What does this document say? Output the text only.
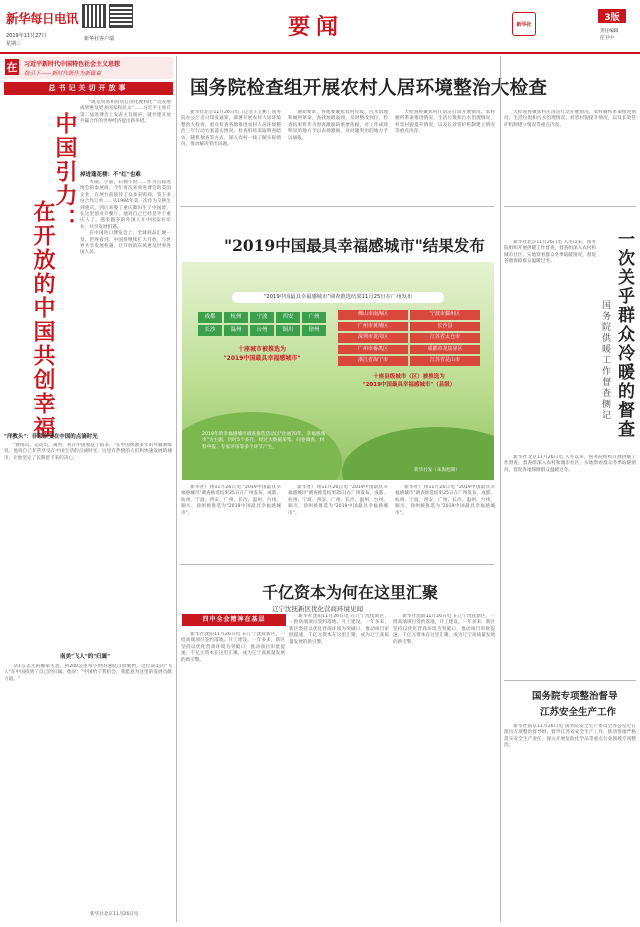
新华每日电讯
2019年11月27日
星期三
新华社客户端	要闻	新华社
3版
责任编辑
任卫中
在 习近平新时代中国特色社会主义思想
指引下——新时代新作为新篇章
总书记关切开放事
中国引力：
在开放的中国共创幸福

"既是贸易和投资自由化便利化""这发展成果惠及更多国家和民众"……习近平主席在第二届进博会上发表主旨演讲，就共建开放共赢合作的世界经济提出新举措。

掉进蓬花楼：不"红"也难

火锅、小面、石棉不时……作为首届进博会的参展商，今年再次来到进博会的美国企业，在展台前接待了众多采购商，签下多份合作订单……从1994年第一次作为交换生到重庆，到后来娶了重庆媳妇生了中国娃，在这里创业开餐厅，他说自己已经是半个重庆人了。越来越多的外国人在中国安居乐业，共享发展机遇。

在中国进口博览会上，全球商品汇聚一堂。世界看到，中国将继续扩大开放，与世界共享发展机遇，让开放的东风惠及世界各国人民。

"洋教头"：非常享受在中国的点滴时光

"教练员、运动员、裁判，我在中国收获了很多。"在中国执教多年的外籍教练说。他说自己非常享受在中国生活的点滴时光，这里有热情的人们和快速发展的城市，让他坚定了长期留下来的决心。

南美"飞人"的"归属"

从1万美元的搬家生意，到200公里每小时的速度自由驰骋，这位南美的"飞人"在中国找到了自己的归属。他说："中国给了我机会，我愿意为这里的发展贡献力量。"

新华社北京11月26日电
国务院检查组开展农村人居环境整治大检查

新华社北京11月26日电（记者王立彬）国务院办公厅近日印发通知，部署开展农村人居环境整治大检查，重点检查各地推进农村人居环境整治三年行动方案落实情况。检查组将采取明查暗访、随机抽查等方式，深入农村一线了解实际情况，推动解决突出问题。

通知要求，各地要聚焦农村垃圾、污水治理和厕所革命，查找短板弱项，及时整改到位。检查结果将作为督查激励的重要依据，对工作成效明显的地方予以表扬激励，对问题突出的地方予以通报。

大检查将聚焦村庄清洁行动开展情况、农村厕所革命推进情况、生活垃圾和污水治理情况、村容村貌提升情况，以及长效管护机制建立情况等重点内容。

大检查将聚焦村庄清洁行动开展情况、农村厕所革命推进情况、生活垃圾和污水治理情况、村容村貌提升情况，以及长效管护机制建立情况等重点内容。

新华社北京11月26日电 入冬以来，国务院组织开展供暖工作督查，督查组深入农村和城市社区，实地察看群众冬季取暖情况，督促各地保障群众温暖过冬。	一次关乎群众冷暖的督查
国务院供暖工作督查侧记

新华社北京11月26日电 入冬以来，国务院组织开展供暖工作督查，督查组深入农村和城市社区，实地察看群众冬季取暖情况，督促各地保障群众温暖过冬。

国务院专项整治督导
江苏安全生产工作

新华社南京11月26日电 国务院安全生产委员会办公室近日派出专项整治督导组，督导江苏省安全生产工作，推动各地严格落实安全生产责任，深入开展危险化学品等重点行业领域专项整治。

"2019中国最具幸福感城市"结果发布
"2019中国最具幸福感城市"调查推选结果11月25日在广州发布
成都	杭州	宁波	西安	广州
长沙	温州	台州	铜川	徐州
十座城市被推选为
"2019中国最具幸福感城市"
佛山市南海区	宁波市鄞州区
广州市黄埔区	长沙县
深圳市龙岗区	江苏省太仓市
广州市番禺区	成都市龙泉驿区
浙江省海宁市	江苏省昆山市
十座县级城市（区）被推选为
"2019中国最具幸福感城市"（县级）
2019年的幸福感城市调查推选活动以"壮丽70年，幸福感城市"为主题，历时5个多月，经过大数据采集、问卷调查、材料申报、专家评审等多个环节产生。
新华社发（朱海旭制）

新华社广州11月26日电 "2019中国最具幸福感城市"调查推选结果25日在广州发布，成都、杭州、宁波、西安、广州、长沙、温州、台州、铜川、徐州被推选为"2019中国最具幸福感城市"。

新华社广州11月26日电 "2019中国最具幸福感城市"调查推选结果25日在广州发布，成都、杭州、宁波、西安、广州、长沙、温州、台州、铜川、徐州被推选为"2019中国最具幸福感城市"。

新华社广州11月26日电 "2019中国最具幸福感城市"调查推选结果25日在广州发布，成都、杭州、宁波、西安、广州、长沙、温州、台州、铜川、徐州被推选为"2019中国最具幸福感城市"。

千亿资本为何在这里汇聚
辽宁沈抚新区优化营商环境见闻
四中全会精神在基层

新华社沈阳11月26日电 在辽宁沈抚新区，一批高端项目签约落地、开工建设。一年多来，新区坚持以优化营商环境为突破口，推动项目审批提速，千亿元资本在这里汇聚，成为辽宁高质量发展的新引擎。

新华社沈阳11月26日电 在辽宁沈抚新区，一批高端项目签约落地、开工建设。一年多来，新区坚持以优化营商环境为突破口，推动项目审批提速，千亿元资本在这里汇聚，成为辽宁高质量发展的新引擎。

新华社沈阳11月26日电 在辽宁沈抚新区，一批高端项目签约落地、开工建设。一年多来，新区坚持以优化营商环境为突破口，推动项目审批提速，千亿元资本在这里汇聚，成为辽宁高质量发展的新引擎。
